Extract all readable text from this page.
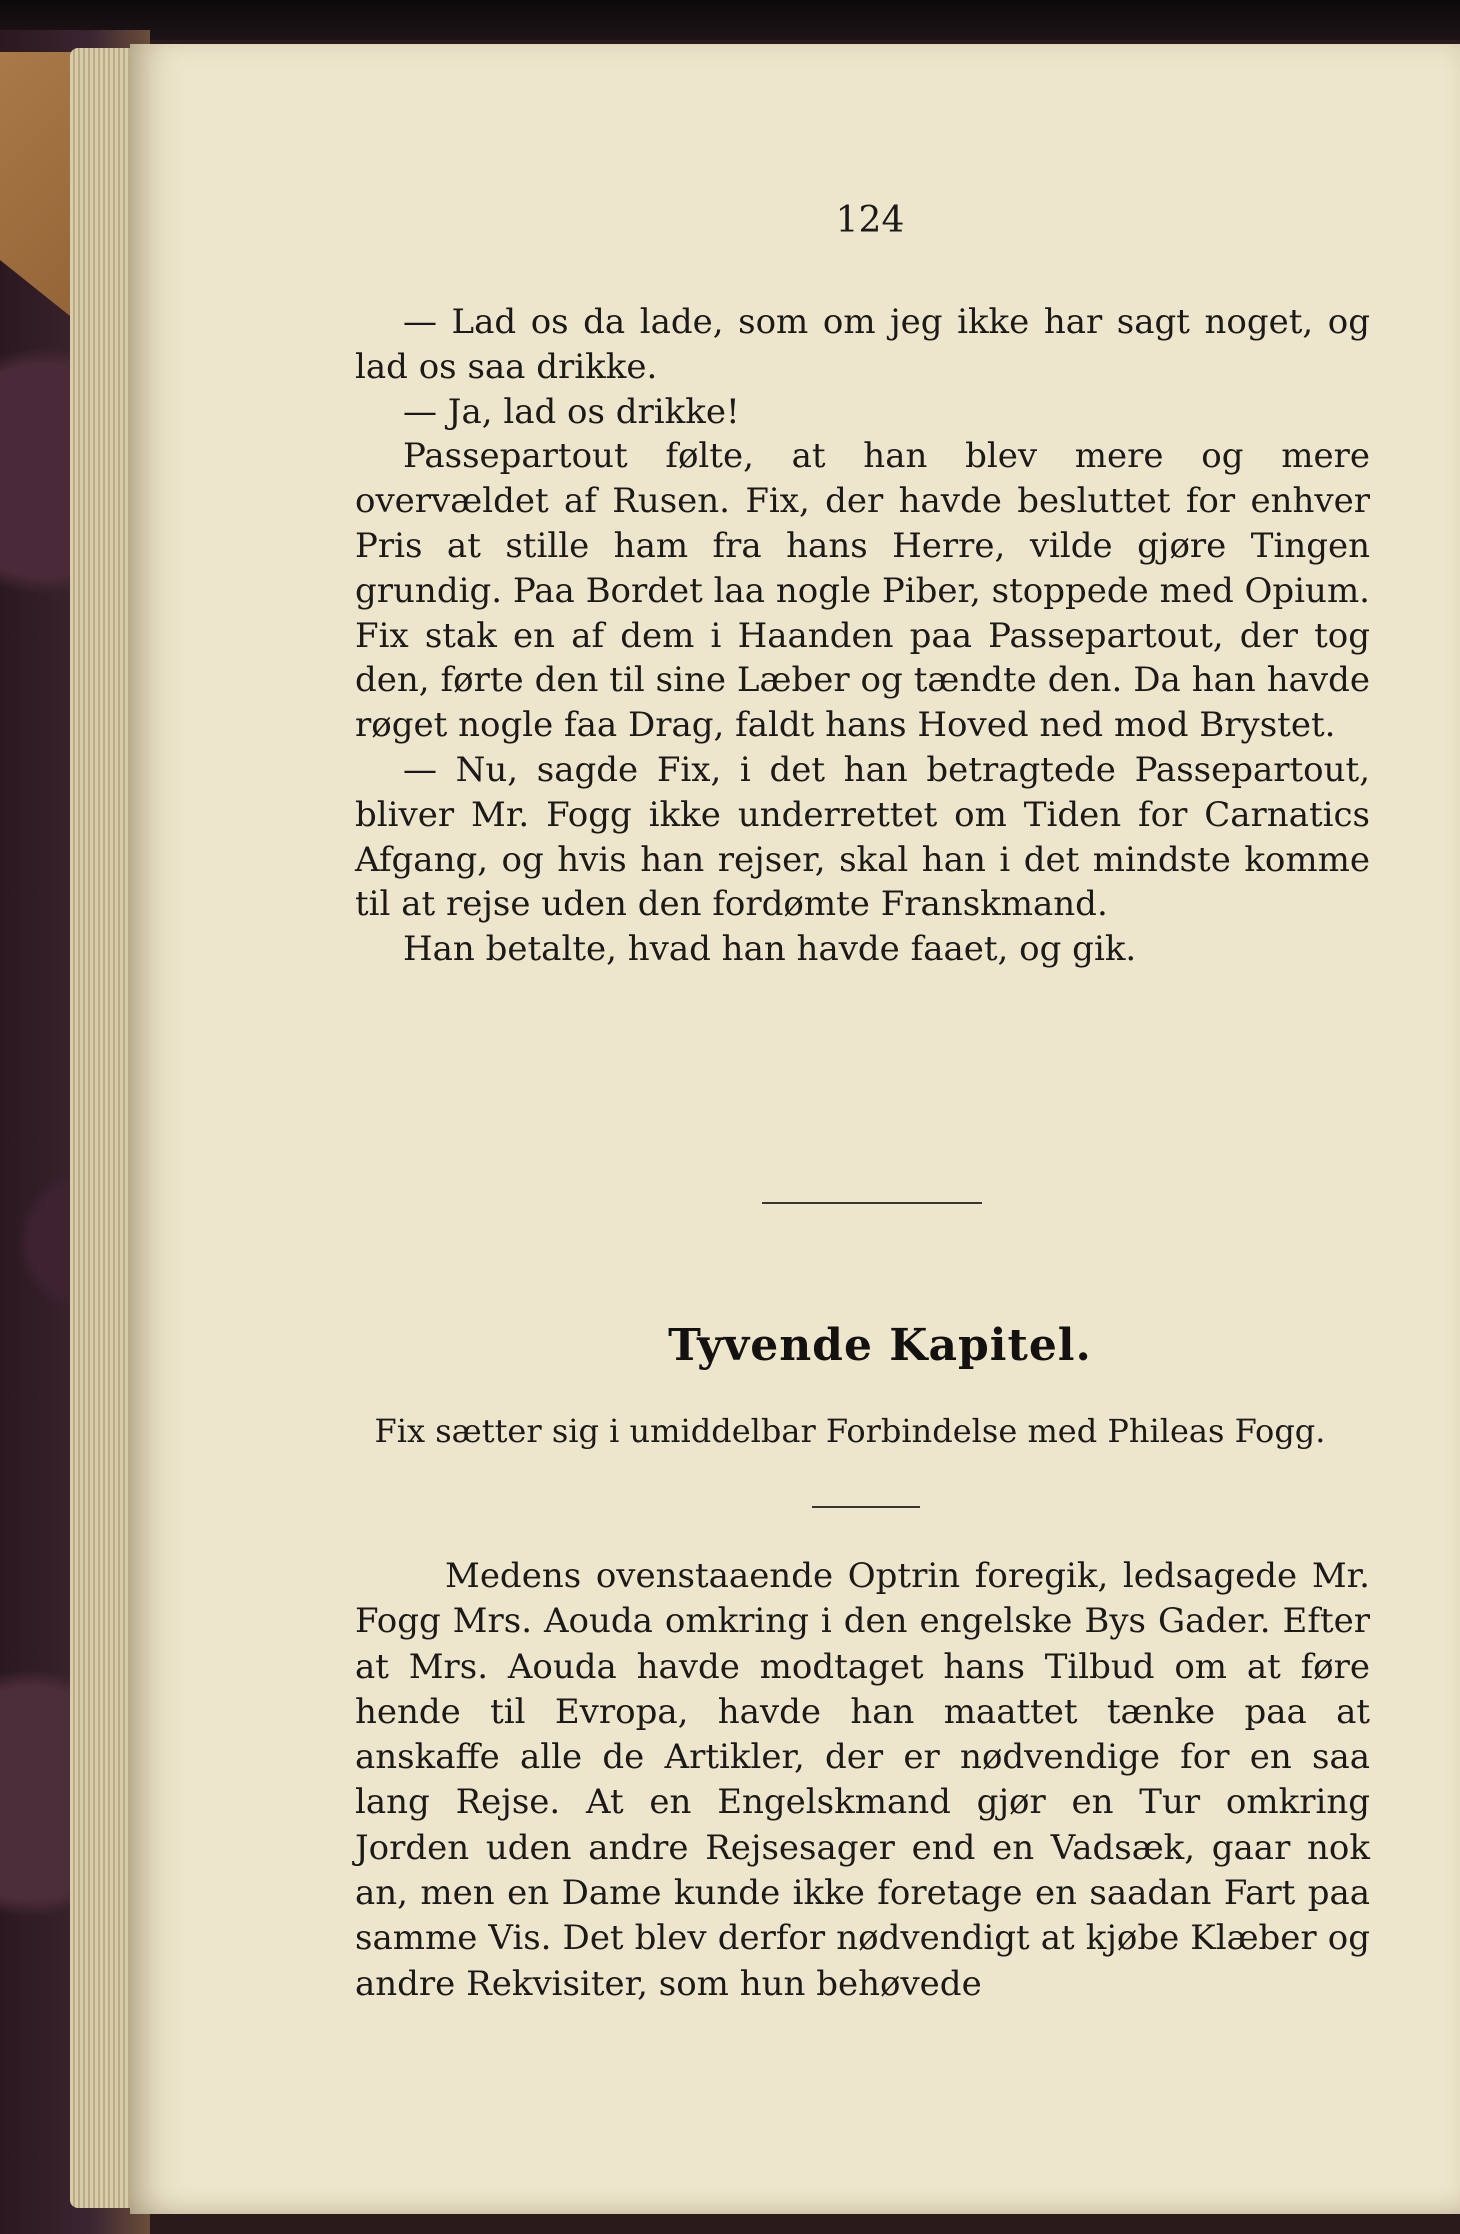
124

— Lad os da lade, som om jeg ikke har sagt noget, og lad os saa drikke.

— Ja, lad os drikke!

Passepartout følte, at han blev mere og mere overvældet af Rusen. Fix, der havde besluttet for enhver Pris at stille ham fra hans Herre, vilde gjøre Tingen grundig. Paa Bordet laa nogle Piber, stoppede med Opium. Fix stak en af dem i Haanden paa Passepartout, der tog den, førte den til sine Læber og tændte den. Da han havde røget nogle faa Drag, faldt hans Hoved ned mod Brystet.

— Nu, sagde Fix, i det han betragtede Passepartout, bliver Mr. Fogg ikke underrettet om Tiden for Carnatics Afgang, og hvis han rejser, skal han i det mindste komme til at rejse uden den fordømte Franskmand.

Han betalte, hvad han havde faaet, og gik.

Tyvende Kapitel.
Fix sætter sig i umiddelbar Forbindelse med Phileas Fogg.

Medens ovenstaaende Optrin foregik, ledsagede Mr. Fogg Mrs. Aouda omkring i den engelske Bys Gader. Efter at Mrs. Aouda havde modtaget hans Tilbud om at føre hende til Evropa, havde han maattet tænke paa at anskaffe alle de Artikler, der er nødvendige for en saa lang Rejse. At en Engelskmand gjør en Tur omkring Jorden uden andre Rejsesager end en Vadsæk, gaar nok an, men en Dame kunde ikke foretage en saadan Fart paa samme Vis. Det blev derfor nødvendigt at kjøbe Klæber og andre Rekvisiter, som hun behøvede
